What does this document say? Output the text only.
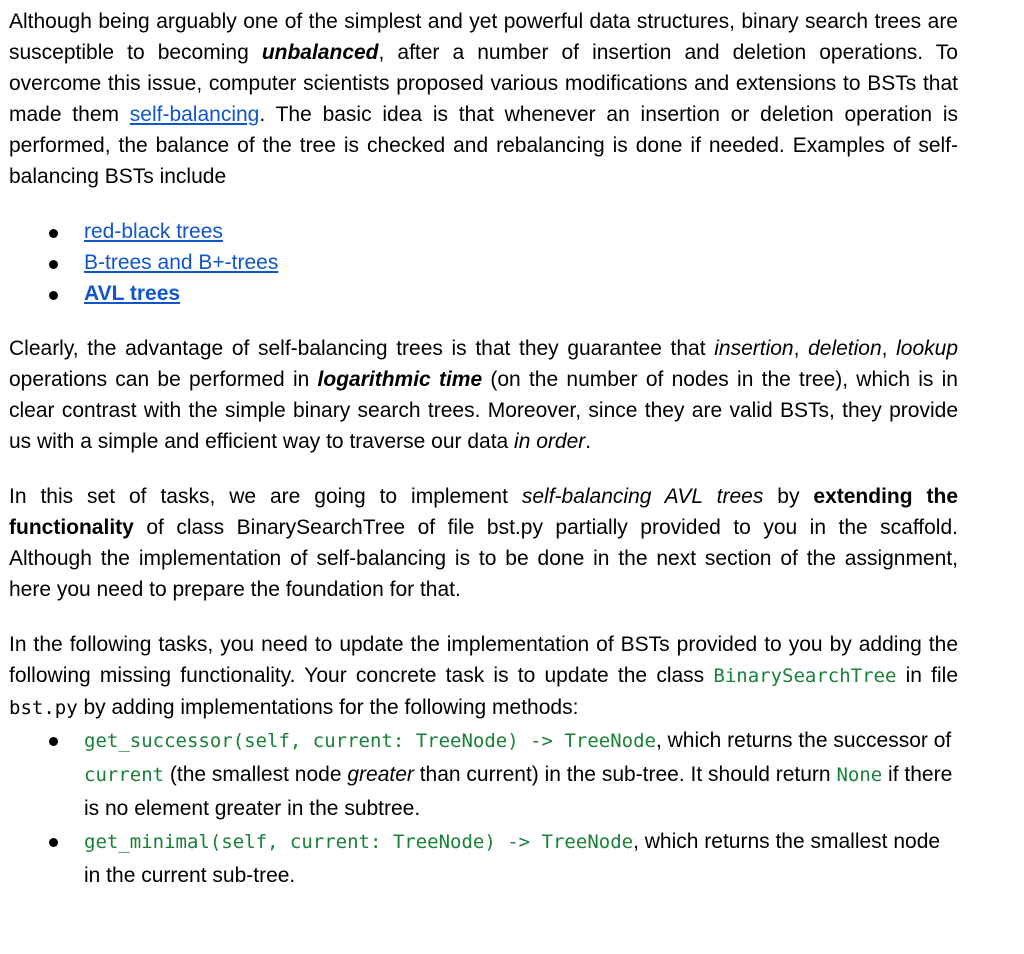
Although being arguably one of the simplest and yet powerful data structures, binary search trees are susceptible to becoming unbalanced, after a number of insertion and deletion operations. To overcome this issue, computer scientists proposed various modifications and extensions to BSTs that made them self-balancing. The basic idea is that whenever an insertion or deletion operation is performed, the balance of the tree is checked and rebalancing is done if needed. Examples of self-balancing BSTs include

red-black trees
B-trees and B+-trees
AVL trees

Clearly, the advantage of self-balancing trees is that they guarantee that insertion, deletion, lookup operations can be performed in logarithmic time (on the number of nodes in the tree), which is in clear contrast with the simple binary search trees. Moreover, since they are valid BSTs, they provide us with a simple and efficient way to traverse our data in order.

In this set of tasks, we are going to implement self-balancing AVL trees by extending the functionality of class BinarySearchTree of file bst.py partially provided to you in the scaffold. Although the implementation of self-balancing is to be done in the next section of the assignment, here you need to prepare the foundation for that.

In the following tasks, you need to update the implementation of BSTs provided to you by adding the following missing functionality. Your concrete task is to update the class BinarySearchTree in file bst.py by adding implementations for the following methods:

get_successor(self, current: TreeNode) -> TreeNode, which returns the successor of current (the smallest node greater than current) in the sub-tree. It should return None if there is no element greater in the subtree.
get_minimal(self, current: TreeNode) -> TreeNode, which returns the smallest node in the current sub-tree.
